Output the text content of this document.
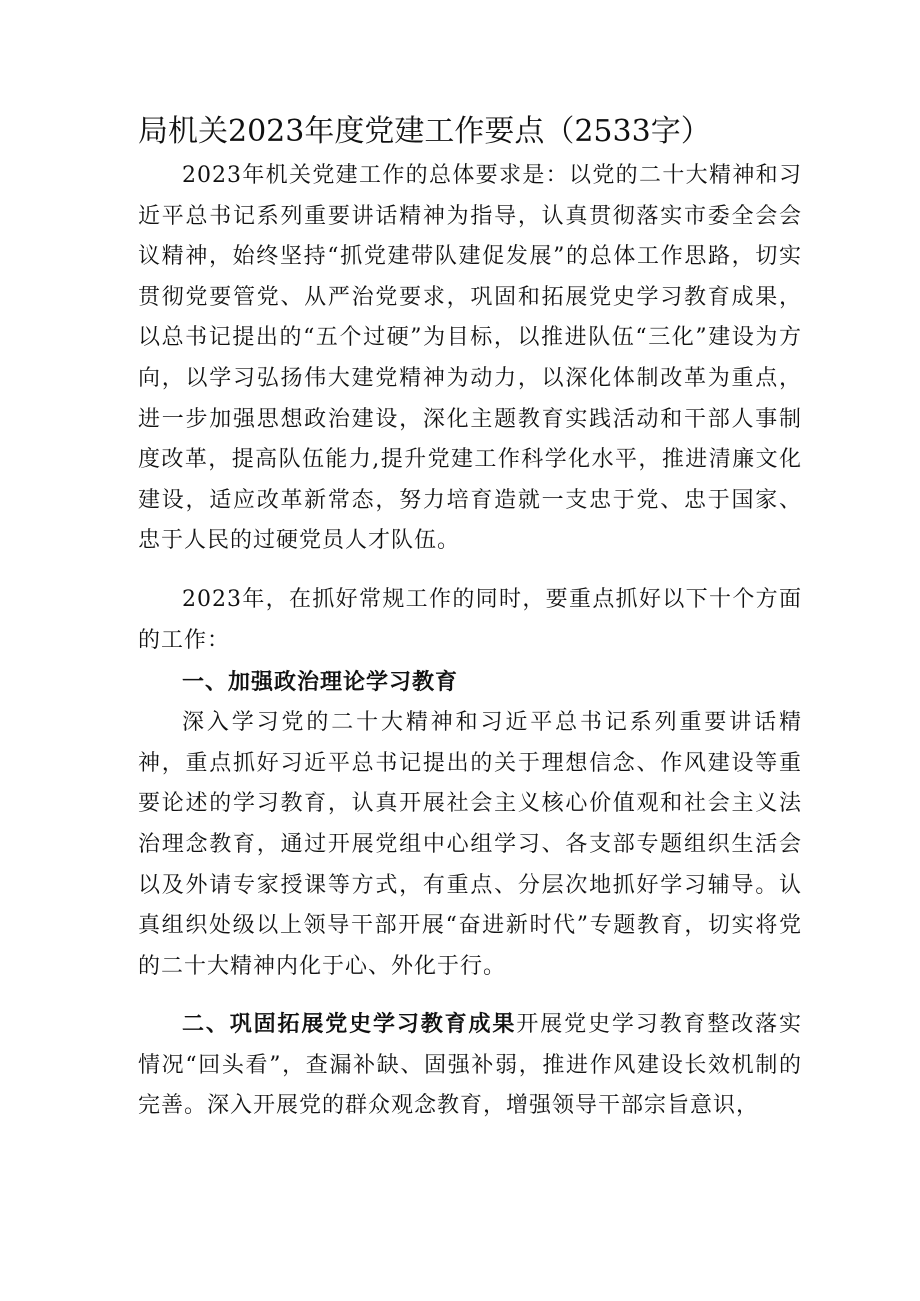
局机关2023年度党建工作要点（2533字）

2023年机关党建工作的总体要求是：以党的二十大精神和习近平总书记系列重要讲话精神为指导，认真贯彻落实市委全会会议精神，始终坚持“抓党建带队建促发展”的总体工作思路，切实贯彻党要管党、从严治党要求，巩固和拓展党史学习教育成果，以总书记提出的“五个过硬”为目标，以推进队伍“三化”建设为方向，以学习弘扬伟大建党精神为动力，以深化体制改革为重点，进一步加强思想政治建设，深化主题教育实践活动和干部人事制度改革，提高队伍能力,提升党建工作科学化水平，推进清廉文化建设，适应改革新常态，努力培育造就一支忠于党、忠于国家、忠于人民的过硬党员人才队伍。

2023年，在抓好常规工作的同时，要重点抓好以下十个方面的工作：

一、加强政治理论学习教育

深入学习党的二十大精神和习近平总书记系列重要讲话精神，重点抓好习近平总书记提出的关于理想信念、作风建设等重要论述的学习教育，认真开展社会主义核心价值观和社会主义法治理念教育，通过开展党组中心组学习、各支部专题组织生活会以及外请专家授课等方式，有重点、分层次地抓好学习辅导。认真组织处级以上领导干部开展“奋进新时代”专题教育，切实将党的二十大精神内化于心、外化于行。

二、巩固拓展党史学习教育成果开展党史学习教育整改落实情况“回头看”，查漏补缺、固强补弱，推进作风建设长效机制的完善。深入开展党的群众观念教育，增强领导干部宗旨意识，
